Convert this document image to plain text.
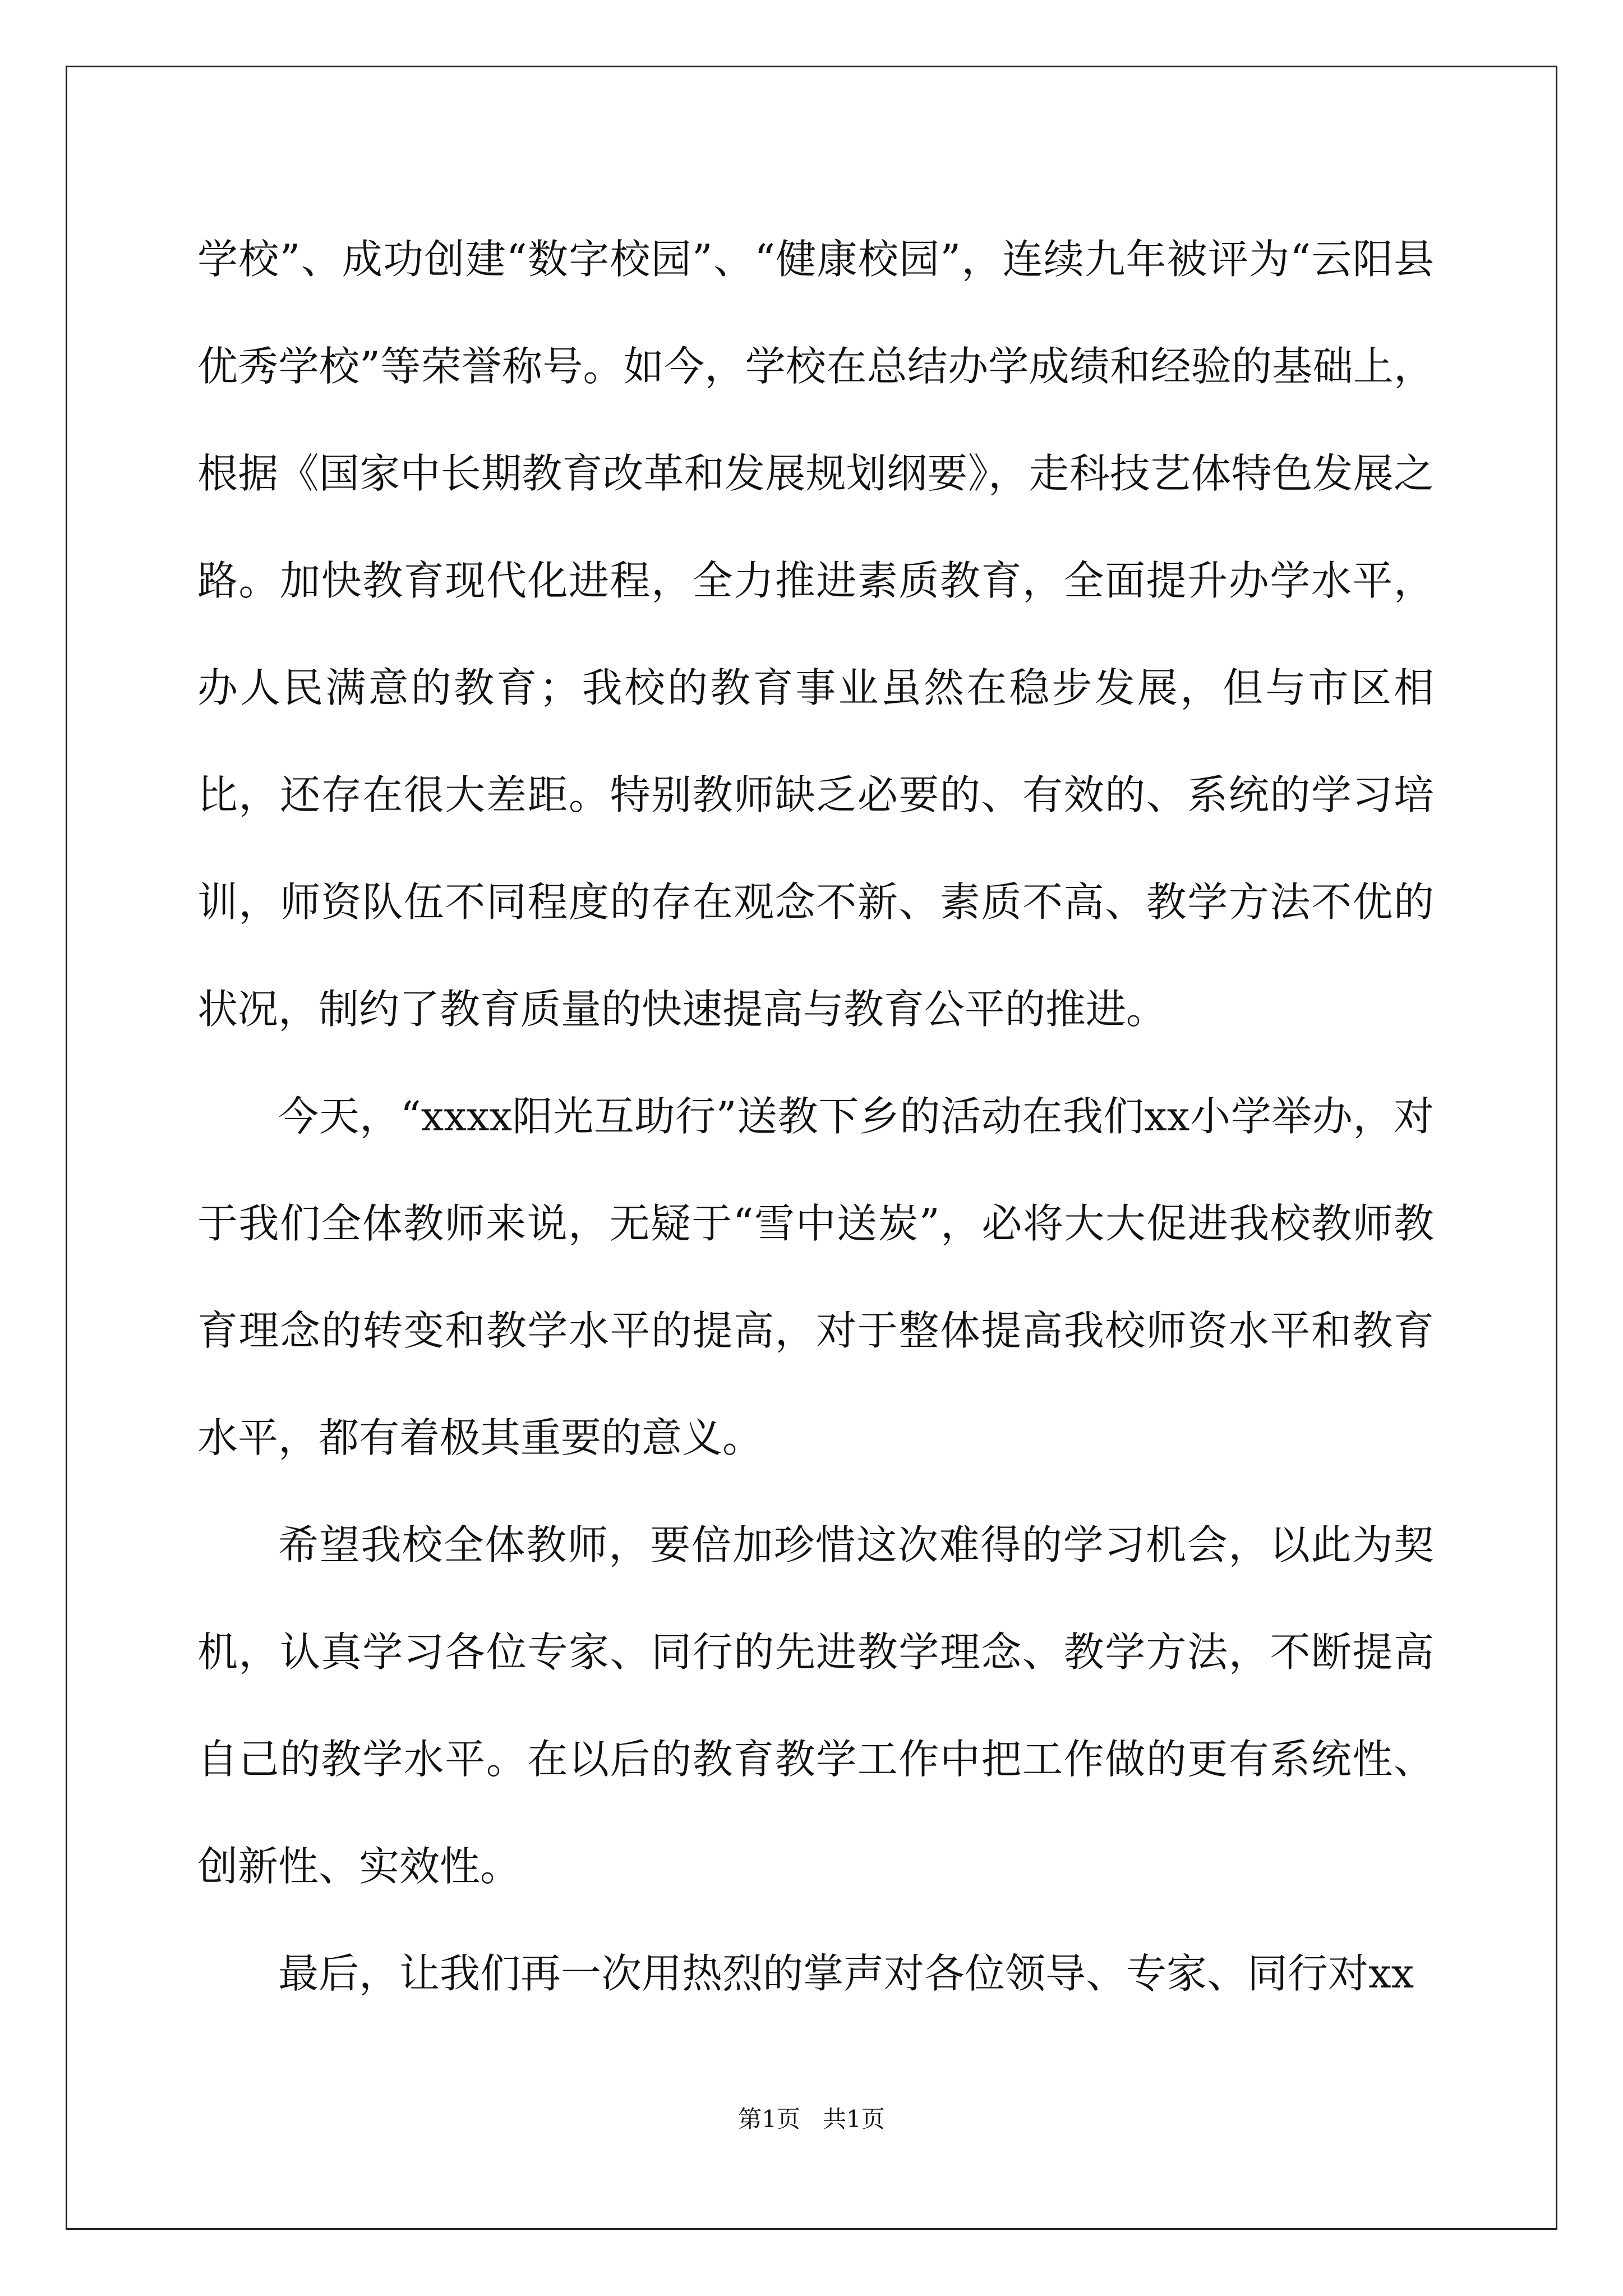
学校”、成功创建“数字校园”、“健康校园”，连续九年被评为“云阳县优秀学校”等荣誉称号。如今，学校在总结办学成绩和经验的基础上，根据《国家中长期教育改革和发展规划纲要》，走科技艺体特色发展之路。加快教育现代化进程，全力推进素质教育，全面提升办学水平，办人民满意的教育；我校的教育事业虽然在稳步发展，但与市区相比，还存在很大差距。特别教师缺乏必要的、有效的、系统的学习培训，师资队伍不同程度的存在观念不新、素质不高、教学方法不优的状况，制约了教育质量的快速提高与教育公平的推进。

今天，“xxxx阳光互助行”送教下乡的活动在我们xx小学举办，对于我们全体教师来说，无疑于“雪中送炭”，必将大大促进我校教师教育理念的转变和教学水平的提高，对于整体提高我校师资水平和教育水平，都有着极其重要的意义。

希望我校全体教师，要倍加珍惜这次难得的学习机会，以此为契机，认真学习各位专家、同行的先进教学理念、教学方法，不断提高自己的教学水平。在以后的教育教学工作中把工作做的更有系统性、创新性、实效性。

最后，让我们再一次用热烈的掌声对各位领导、专家、同行对xx

第1页 共1页
